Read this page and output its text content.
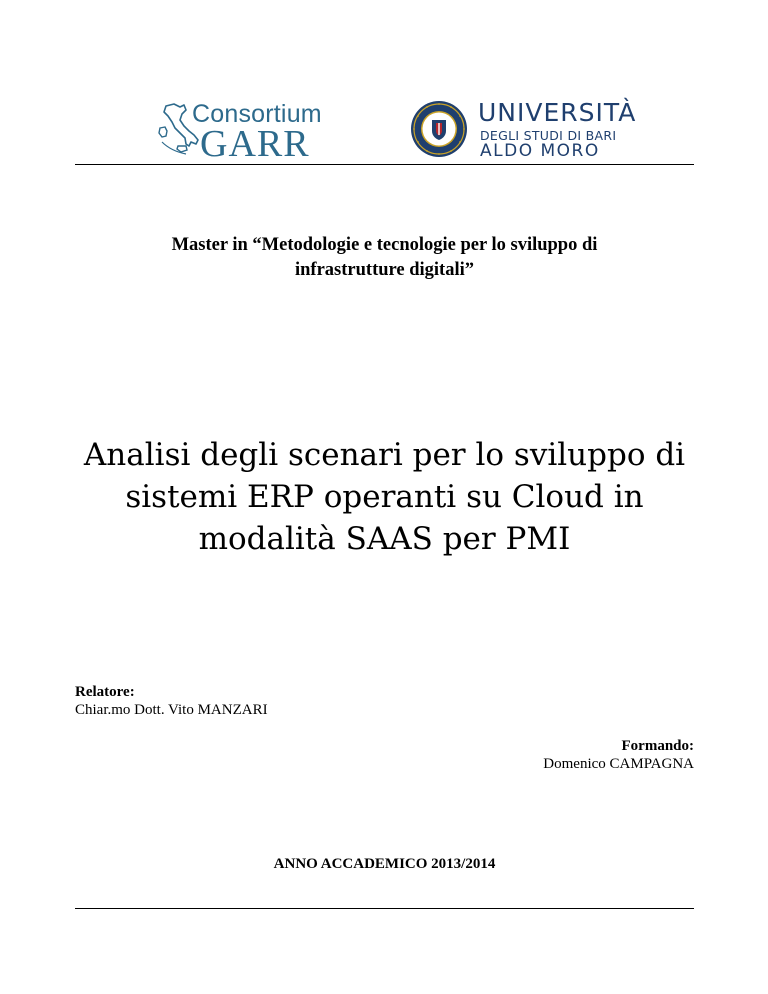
Consortium
GARR
UNIVERSITÀ
DEGLI STUDI DI BARI
ALDO MORO
Master in “Metodologie e tecnologie per lo sviluppo di
infrastrutture digitali”
Analisi degli scenari per lo sviluppo di
sistemi ERP operanti su Cloud in
modalità SAAS per PMI
Relatore:
Chiar.mo Dott. Vito MANZARI
Formando:
Domenico CAMPAGNA
ANNO ACCADEMICO 2013/2014
